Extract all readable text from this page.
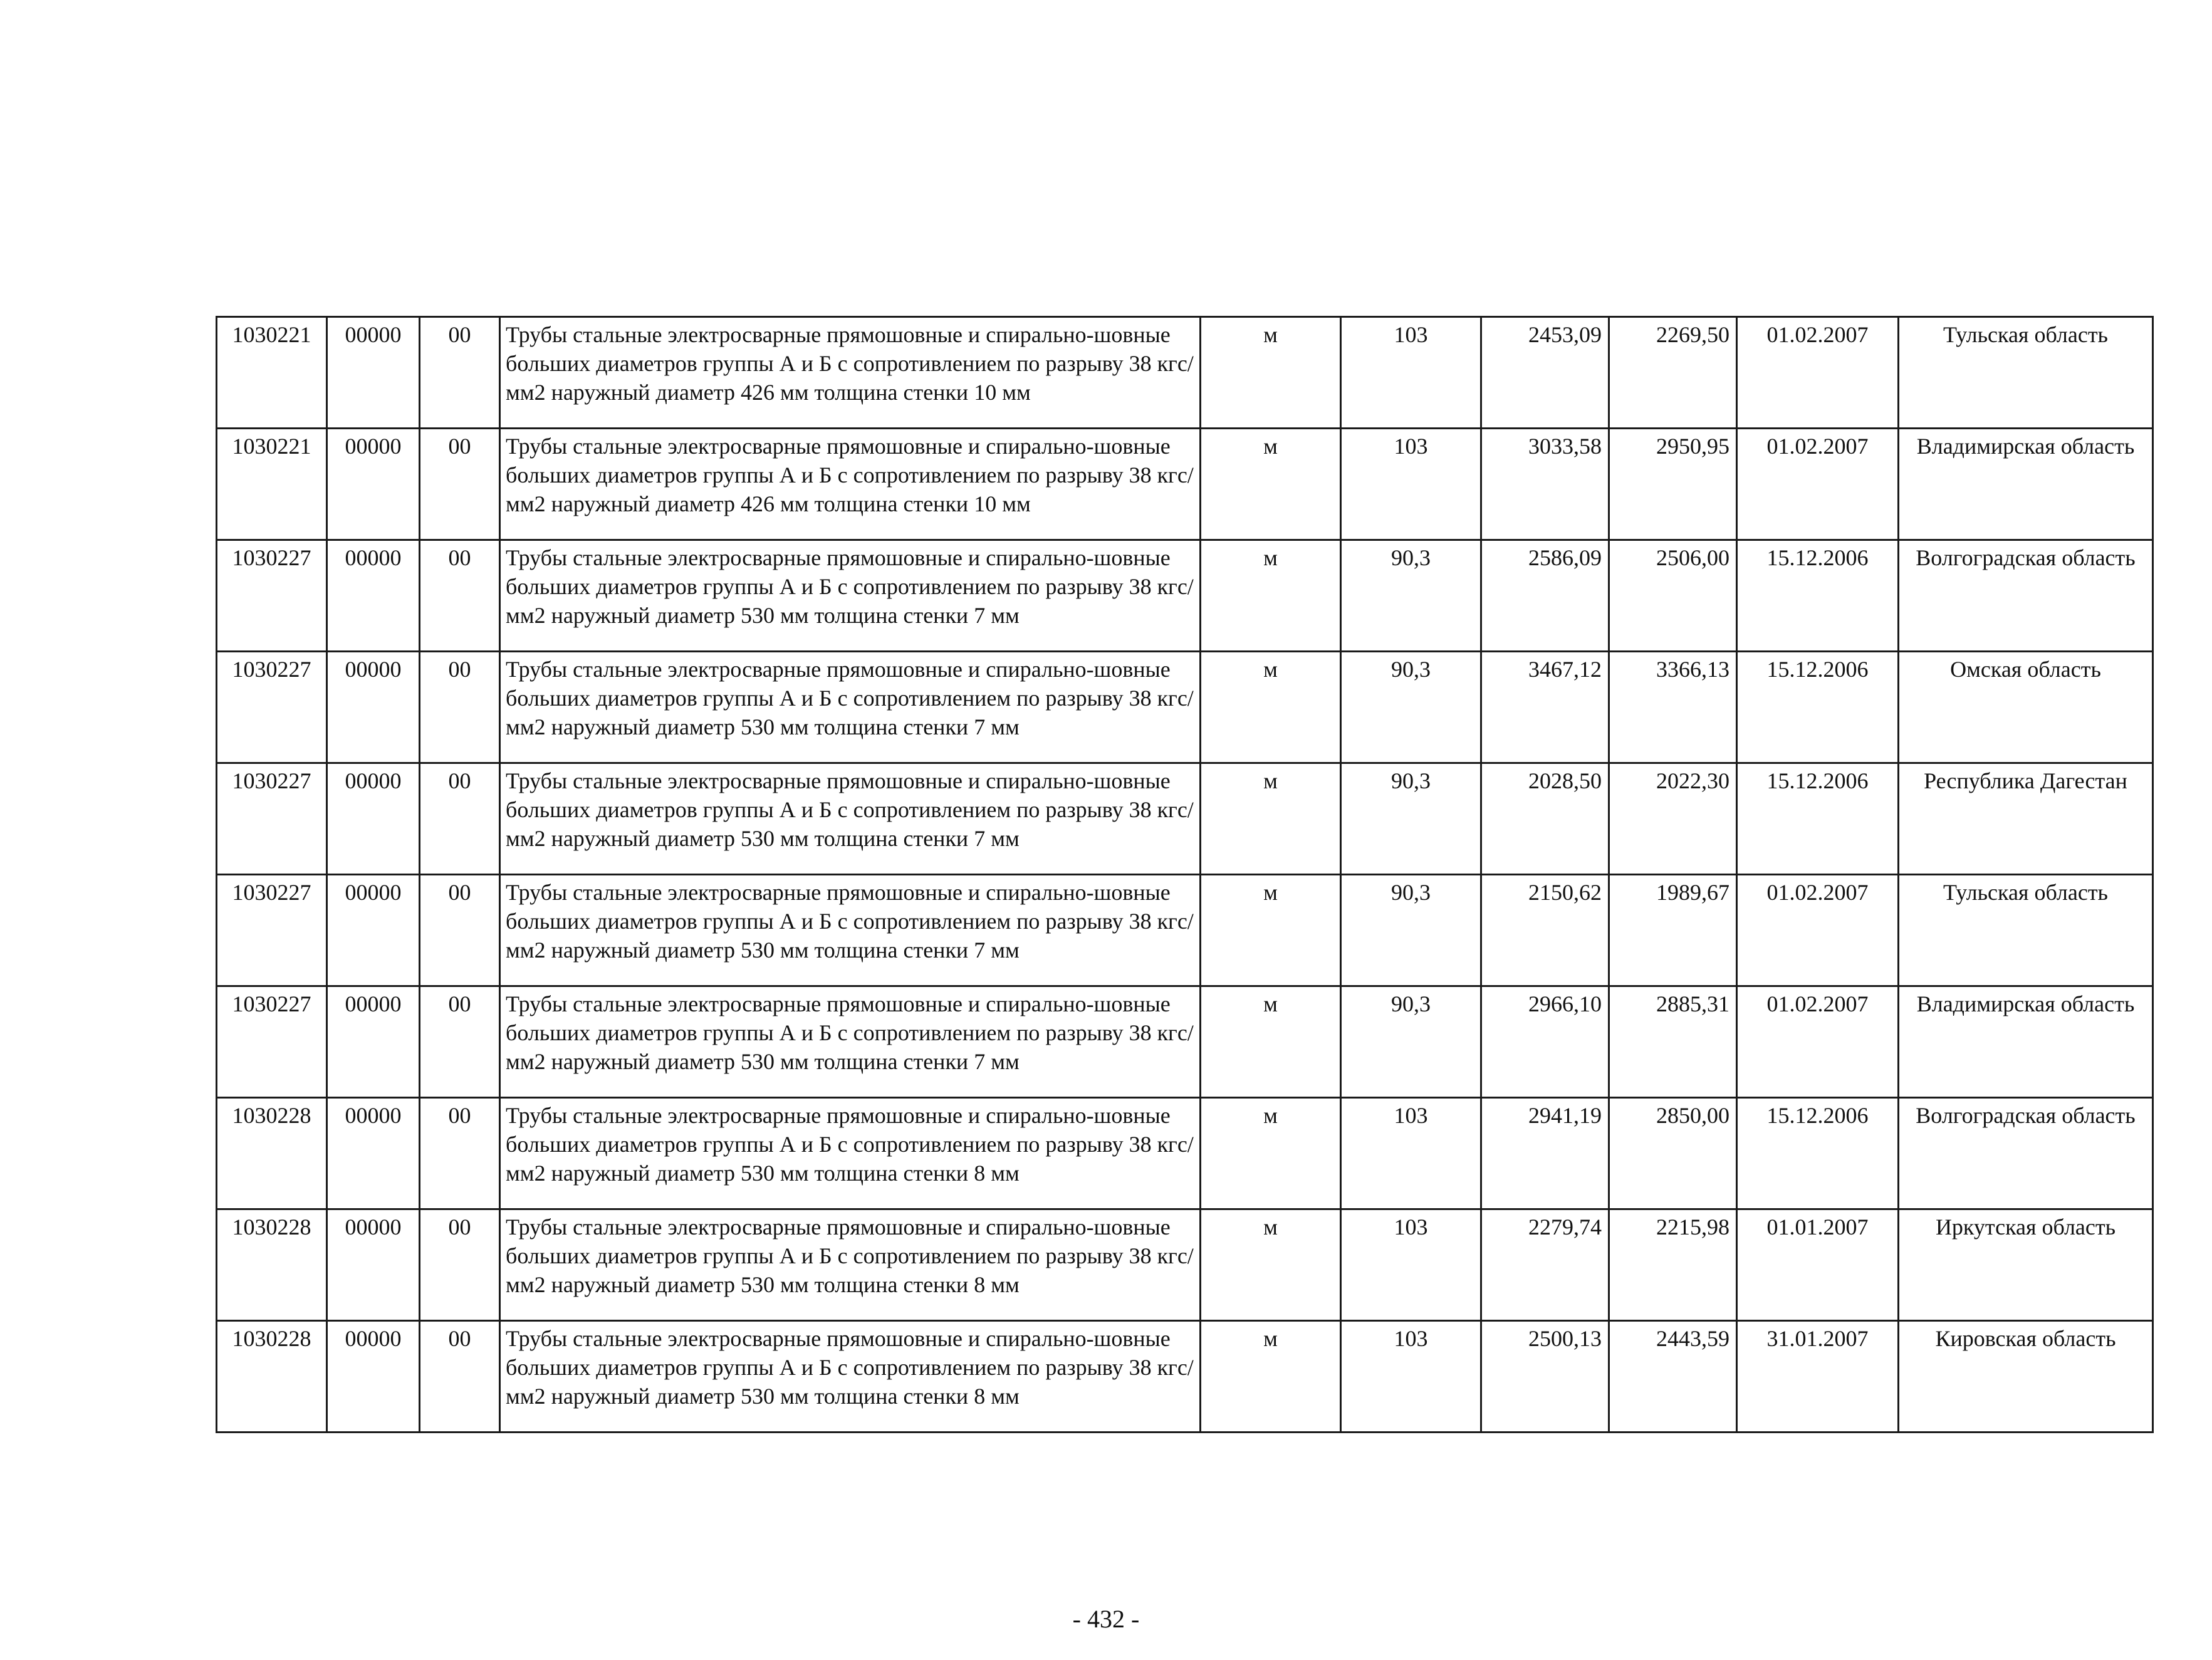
1030221	00000	00	Трубы стальные электросварные прямошовные и спирально-шовные больших диаметров группы А и Б с сопротивлением по разрыву 38 кгс/мм2 наружный диаметр 426 мм толщина стенки 10 мм	м	103	2453,09	2269,50	01.02.2007	Тульская область
1030221	00000	00	Трубы стальные электросварные прямошовные и спирально-шовные больших диаметров группы А и Б с сопротивлением по разрыву 38 кгс/мм2 наружный диаметр 426 мм толщина стенки 10 мм	м	103	3033,58	2950,95	01.02.2007	Владимирская область
1030227	00000	00	Трубы стальные электросварные прямошовные и спирально-шовные больших диаметров группы А и Б с сопротивлением по разрыву 38 кгс/мм2 наружный диаметр 530 мм толщина стенки 7 мм	м	90,3	2586,09	2506,00	15.12.2006	Волгоградская область
1030227	00000	00	Трубы стальные электросварные прямошовные и спирально-шовные больших диаметров группы А и Б с сопротивлением по разрыву 38 кгс/мм2 наружный диаметр 530 мм толщина стенки 7 мм	м	90,3	3467,12	3366,13	15.12.2006	Омская область
1030227	00000	00	Трубы стальные электросварные прямошовные и спирально-шовные больших диаметров группы А и Б с сопротивлением по разрыву 38 кгс/мм2 наружный диаметр 530 мм толщина стенки 7 мм	м	90,3	2028,50	2022,30	15.12.2006	Республика Дагестан
1030227	00000	00	Трубы стальные электросварные прямошовные и спирально-шовные больших диаметров группы А и Б с сопротивлением по разрыву 38 кгс/мм2 наружный диаметр 530 мм толщина стенки 7 мм	м	90,3	2150,62	1989,67	01.02.2007	Тульская область
1030227	00000	00	Трубы стальные электросварные прямошовные и спирально-шовные больших диаметров группы А и Б с сопротивлением по разрыву 38 кгс/мм2 наружный диаметр 530 мм толщина стенки 7 мм	м	90,3	2966,10	2885,31	01.02.2007	Владимирская область
1030228	00000	00	Трубы стальные электросварные прямошовные и спирально-шовные больших диаметров группы А и Б с сопротивлением по разрыву 38 кгс/мм2 наружный диаметр 530 мм толщина стенки 8 мм	м	103	2941,19	2850,00	15.12.2006	Волгоградская область
1030228	00000	00	Трубы стальные электросварные прямошовные и спирально-шовные больших диаметров группы А и Б с сопротивлением по разрыву 38 кгс/мм2 наружный диаметр 530 мм толщина стенки 8 мм	м	103	2279,74	2215,98	01.01.2007	Иркутская область
1030228	00000	00	Трубы стальные электросварные прямошовные и спирально-шовные больших диаметров группы А и Б с сопротивлением по разрыву 38 кгс/мм2 наружный диаметр 530 мм толщина стенки 8 мм	м	103	2500,13	2443,59	31.01.2007	Кировская область
- 432 -
